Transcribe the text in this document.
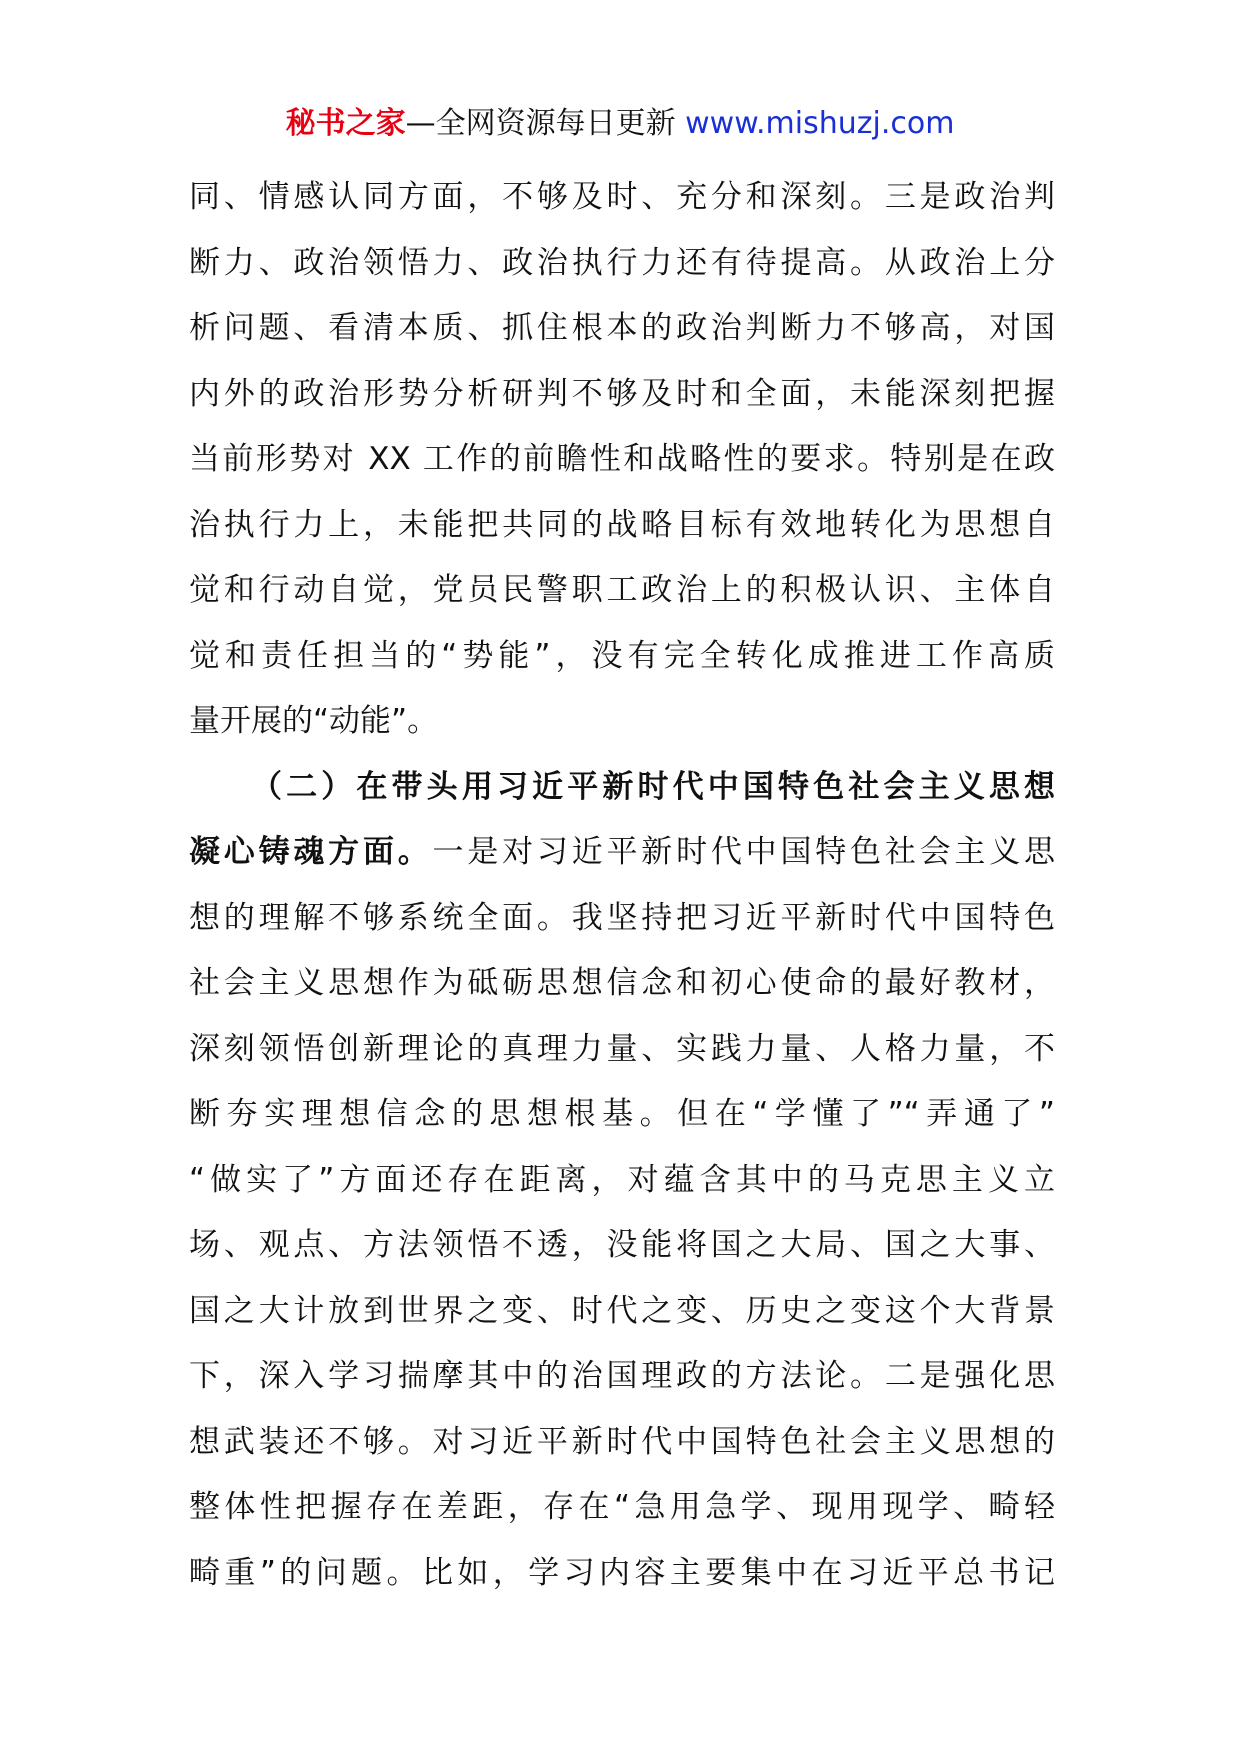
秘书之家—全网资源每日更新 www.mishuzj.com
同、情感认同方面，不够及时、充分和深刻。三是政治判
断力、政治领悟力、政治执行力还有待提高。从政治上分
析问题、看清本质、抓住根本的政治判断力不够高，对国
内外的政治形势分析研判不够及时和全面，未能深刻把握
当前形势对 XX 工作的前瞻性和战略性的要求。特别是在政
治执行力上，未能把共同的战略目标有效地转化为思想自
觉和行动自觉，党员民警职工政治上的积极认识、主体自
觉和责任担当的“势能”，没有完全转化成推进工作高质
量开展的“动能”。
（二）在带头用习近平新时代中国特色社会主义思想
凝心铸魂方面。一是对习近平新时代中国特色社会主义思
想的理解不够系统全面。我坚持把习近平新时代中国特色
社会主义思想作为砥砺思想信念和初心使命的最好教材，
深刻领悟创新理论的真理力量、实践力量、人格力量，不
断夯实理想信念的思想根基。但在“学懂了”“弄通了”
“做实了”方面还存在距离，对蕴含其中的马克思主义立
场、观点、方法领悟不透，没能将国之大局、国之大事、
国之大计放到世界之变、时代之变、历史之变这个大背景
下，深入学习揣摩其中的治国理政的方法论。二是强化思
想武装还不够。对习近平新时代中国特色社会主义思想的
整体性把握存在差距，存在“急用急学、现用现学、畸轻
畸重”的问题。比如，学习内容主要集中在习近平总书记
